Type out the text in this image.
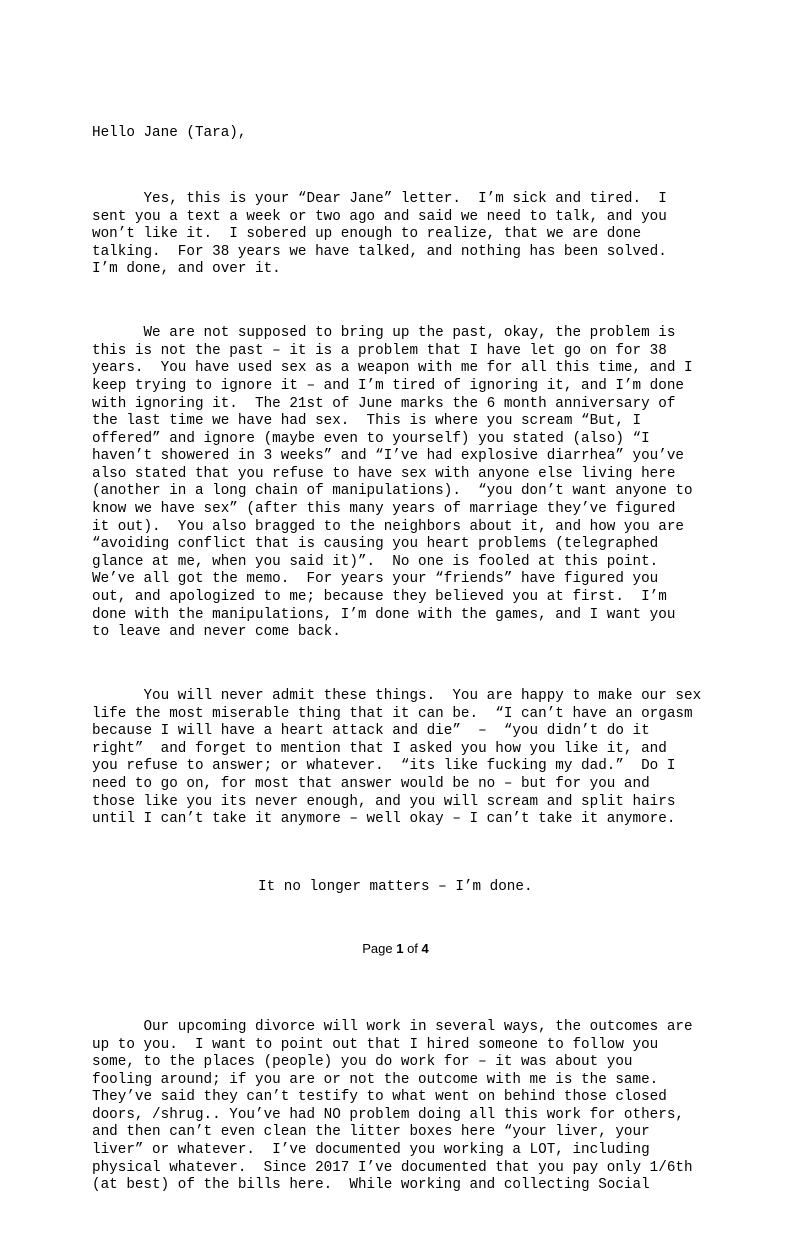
Hello Jane (Tara),

Yes, this is your “Dear Jane” letter.  I’m sick and tired.  I
sent you a text a week or two ago and said we need to talk, and you
won’t like it.  I sobered up enough to realize, that we are done
talking.  For 38 years we have talked, and nothing has been solved.
I’m done, and over it.

We are not supposed to bring up the past, okay, the problem is
this is not the past – it is a problem that I have let go on for 38
years.  You have used sex as a weapon with me for all this time, and I
keep trying to ignore it – and I’m tired of ignoring it, and I’m done
with ignoring it.  The 21st of June marks the 6 month anniversary of
the last time we have had sex.  This is where you scream “But, I
offered” and ignore (maybe even to yourself) you stated (also) “I
haven’t showered in 3 weeks” and “I’ve had explosive diarrhea” you’ve
also stated that you refuse to have sex with anyone else living here
(another in a long chain of manipulations).  “you don’t want anyone to
know we have sex” (after this many years of marriage they’ve figured
it out).  You also bragged to the neighbors about it, and how you are
“avoiding conflict that is causing you heart problems (telegraphed
glance at me, when you said it)”.  No one is fooled at this point.
We’ve all got the memo.  For years your “friends” have figured you
out, and apologized to me; because they believed you at first.  I’m
done with the manipulations, I’m done with the games, and I want you
to leave and never come back.

You will never admit these things.  You are happy to make our sex
life the most miserable thing that it can be.  “I can’t have an orgasm
because I will have a heart attack and die”  –  “you didn’t do it
right”  and forget to mention that I asked you how you like it, and
you refuse to answer; or whatever.  “its like fucking my dad.”  Do I
need to go on, for most that answer would be no – but for you and
those like you its never enough, and you will scream and split hairs
until I can’t take it anymore – well okay – I can’t take it anymore.

It no longer matters – I’m done.

Our upcoming divorce will work in several ways, the outcomes are
up to you.  I want to point out that I hired someone to follow you
some, to the places (people) you do work for – it was about you
fooling around; if you are or not the outcome with me is the same.
They’ve said they can’t testify to what went on behind those closed
doors, /shrug.. You’ve had NO problem doing all this work for others,
and then can’t even clean the litter boxes here “your liver, your
liver” or whatever.  I’ve documented you working a LOT, including
physical whatever.  Since 2017 I’ve documented that you pay only 1/6th
(at best) of the bills here.  While working and collecting Social

Page 1 of 4
